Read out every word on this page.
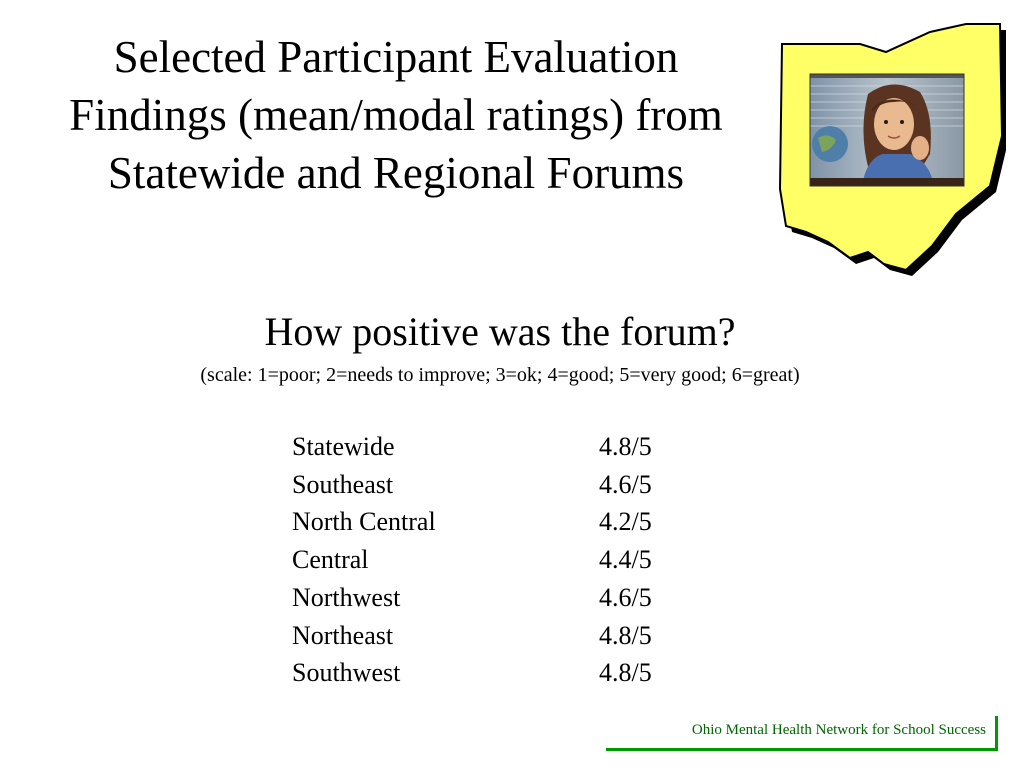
Selected Participant Evaluation Findings (mean/modal ratings) from Statewide and Regional Forums
How positive was the forum?
(scale: 1=poor; 2=needs to improve; 3=ok; 4=good; 5=very good; 6=great)
Statewide	4.8/5
Southeast	4.6/5
North Central	4.2/5
Central	4.4/5
Northwest	4.6/5
Northeast	4.8/5
Southwest	4.8/5
Ohio Mental Health Network for School Success
